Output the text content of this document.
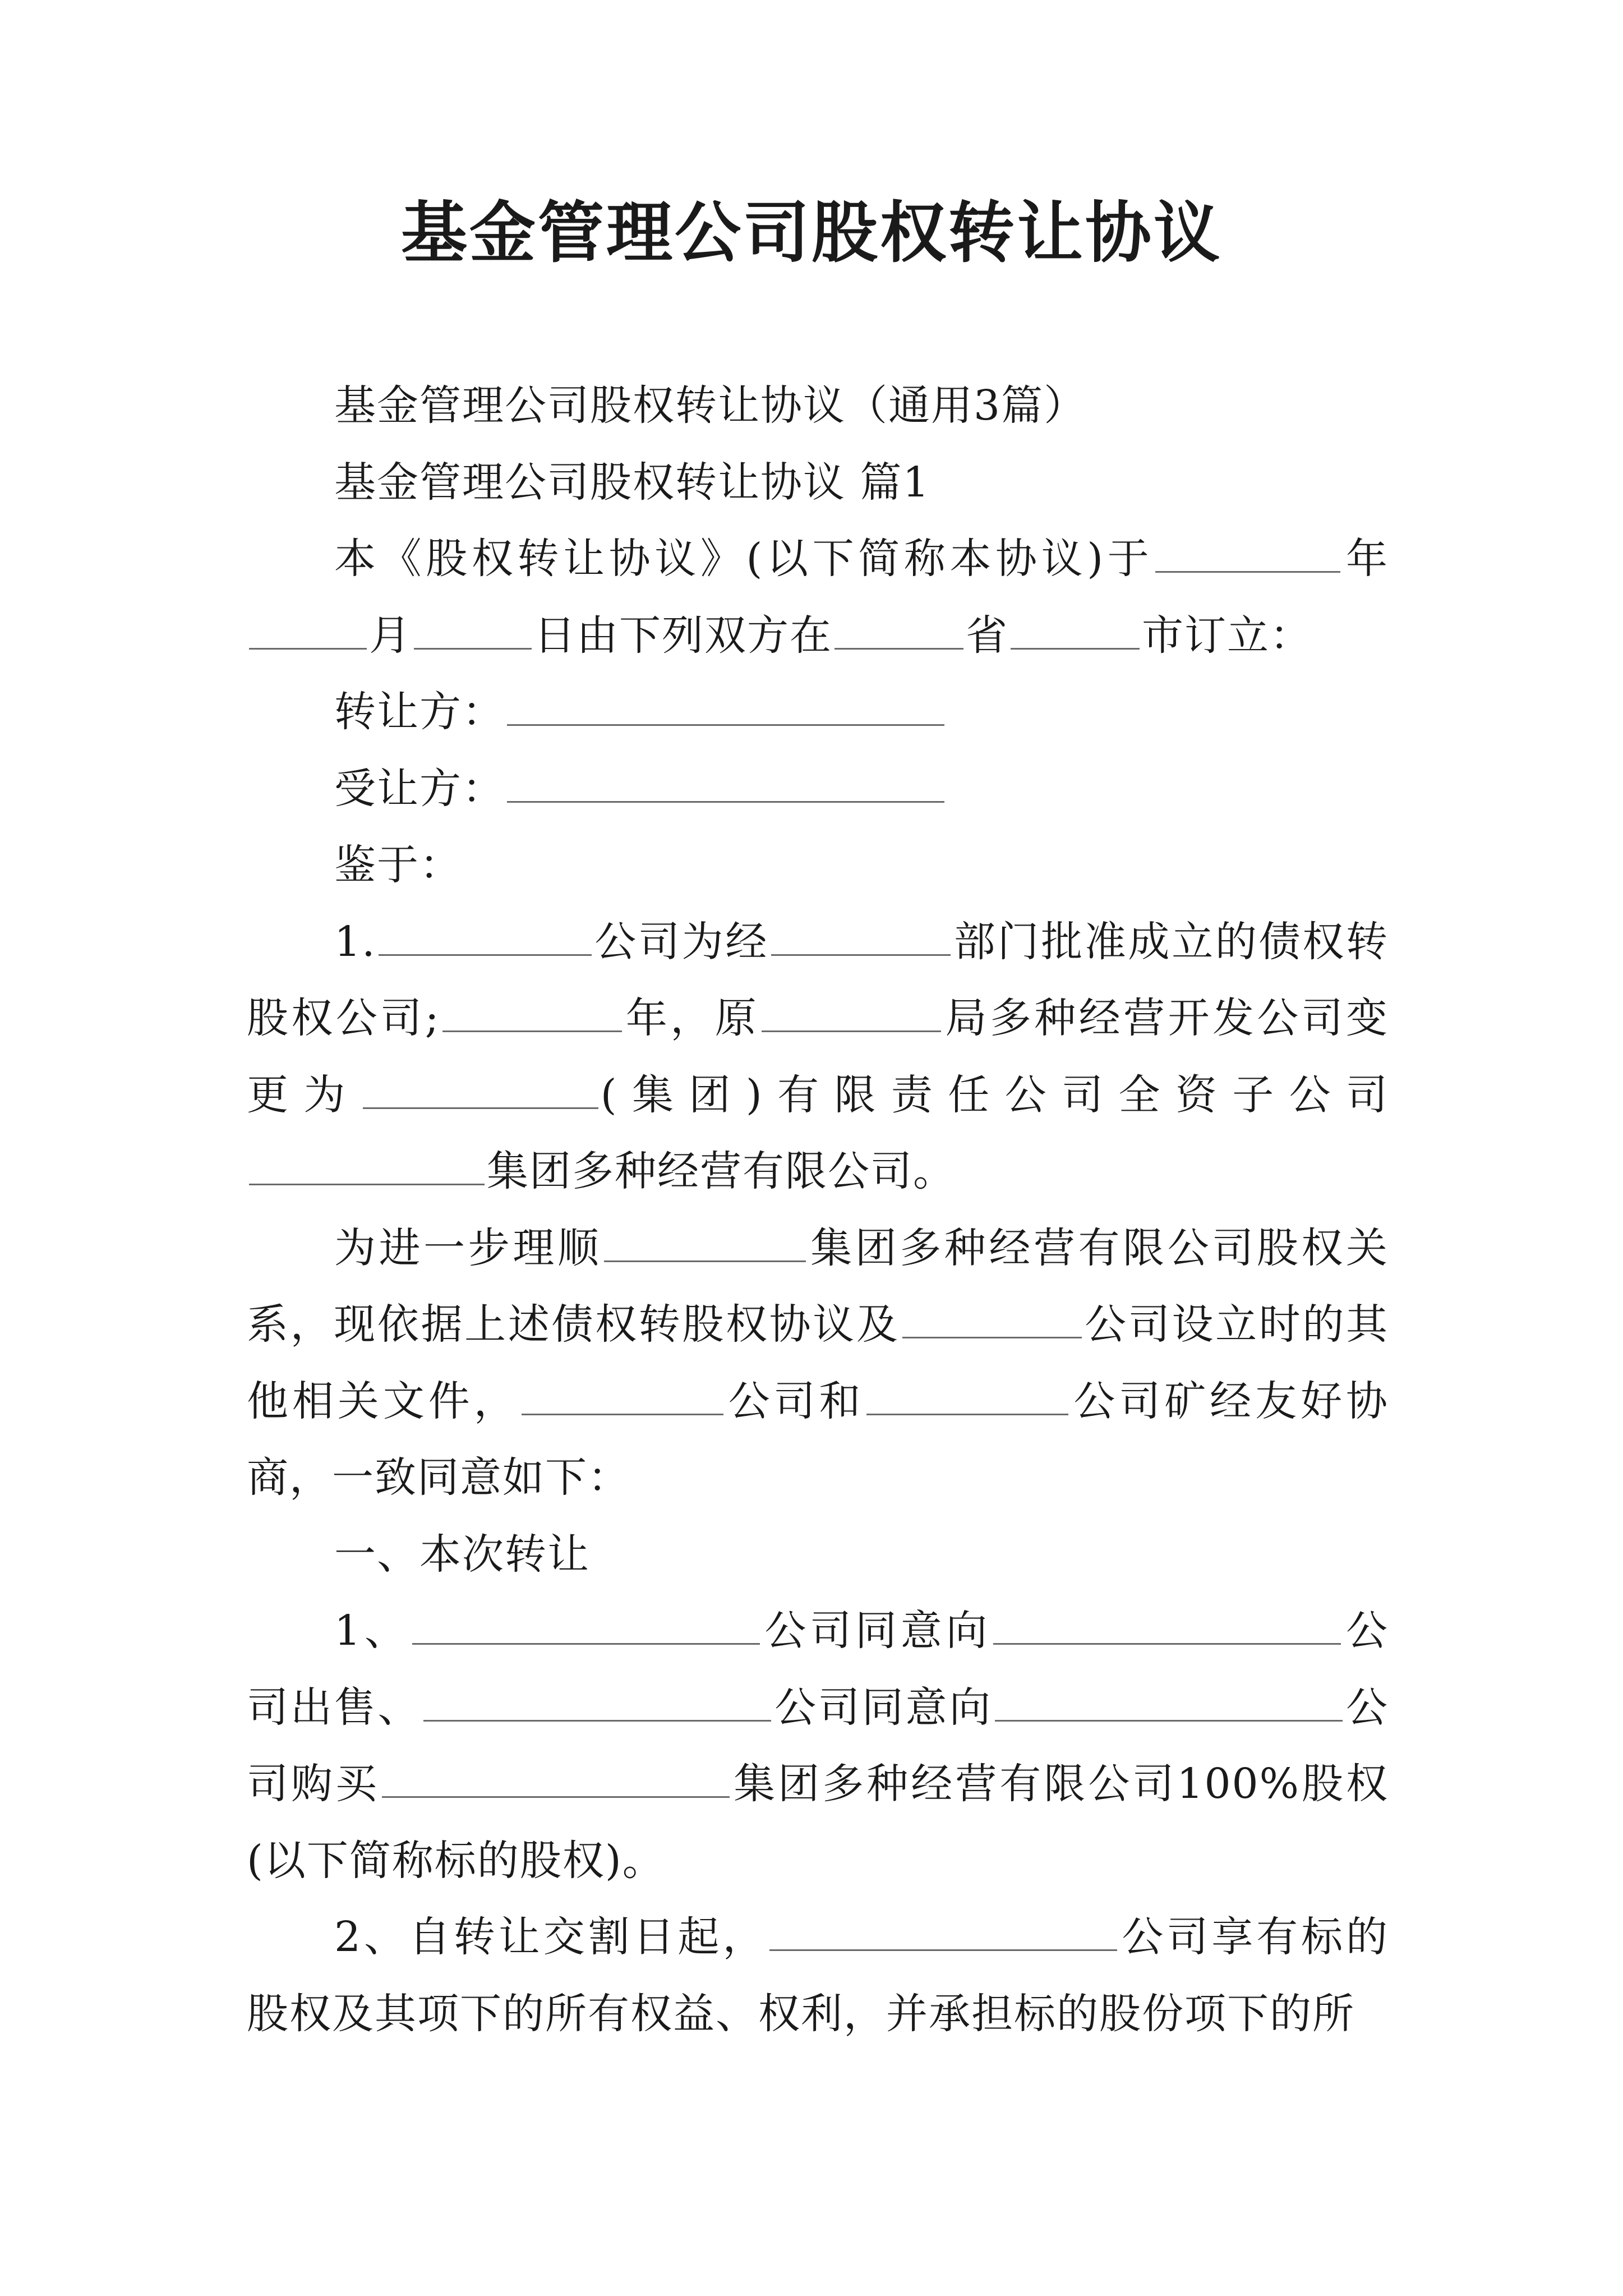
基金管理公司股权转让协议

基金管理公司股权转让协议（通用3篇）

基金管理公司股权转让协议 篇1

本《股权转让协议》(以下简称本协议)于	年

月	日由下列双方在	省	市订立：

转让方：

受让方：

鉴于：

1.	公司为经	部门批准成立的债权转股权公司;	年，原	局多种经营开发公司变更为	(集团)有限责任公司全资子公司集团多种经营有限公司。

为进一步理顺	集团多种经营有限公司股权关系，现依据上述债权转股权协议及	公司设立时的其他相关文件，	公司和	公司矿经友好协商，一致同意如下：

一、本次转让

1、	公司同意向	公司出售、	公司同意向	公司购买	集团多种经营有限公司100%股权(以下简称标的股权)。

2、自转让交割日起，	公司享有标的股权及其项下的所有权益、权利，并承担标的股份项下的所
